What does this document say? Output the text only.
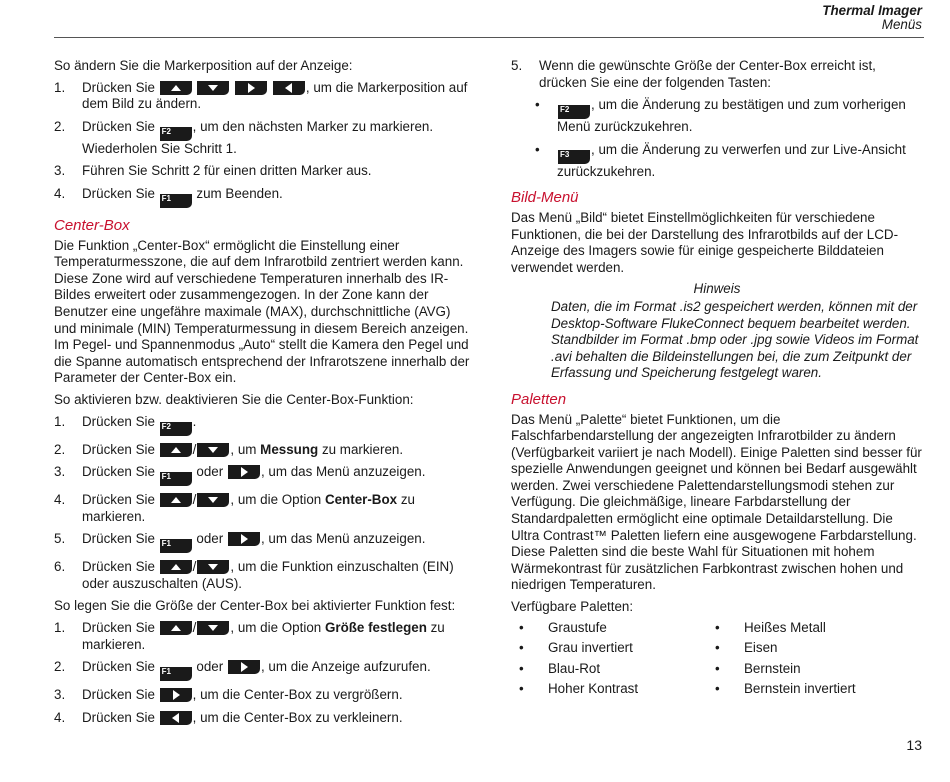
Thermal Imager
Menüs

So ändern Sie die Markerposition auf der Anzeige:

1.	Drücken Sie

	, um die Markerposition auf dem Bild zu ändern.
2.	Drücken Sie F2 , um den nächsten Marker zu markieren. Wiederholen Sie Schritt 1.
3.	Führen Sie Schritt 2 für einen dritten Marker aus.
4.	Drücken Sie F1 zum Beenden.
Center-Box

Die Funktion „Center-Box“ ermöglicht die Einstellung einer Temperaturmesszone, die auf dem Infrarotbild zentriert werden kann. Diese Zone wird auf verschiedene Temperaturen innerhalb des IR-Bildes erweitert oder zusammengezogen. In der Zone kann der Benutzer eine ungefähre maximale (MAX), durchschnittliche (AVG) und minimale (MIN) Temperaturmessung in diesem Bereich anzeigen. Im Pegel- und Spannenmodus „Auto“ stellt die Kamera den Pegel und die Spanne automatisch entsprechend der Infrarotszene innerhalb der Parameter der Center-Box ein.

So aktivieren bzw. deaktivieren Sie die Center-Box-Funktion:

1.	Drücken Sie F2 .
2.	Drücken Sie	/	, um Messung zu markieren.
3.	Drücken Sie F1 oder	, um das Menü anzuzeigen.
4.	Drücken Sie	/	, um die Option Center-Box zu markieren.
5.	Drücken Sie F1 oder	, um das Menü anzuzeigen.
6.	Drücken Sie	/	, um die Funktion einzuschalten (EIN) oder auszuschalten (AUS).

So legen Sie die Größe der Center-Box bei aktivierter Funktion fest:

1.	Drücken Sie	/	, um die Option Größe festlegen zu markieren.
2.	Drücken Sie F1 oder	, um die Anzeige aufzurufen.
3.	Drücken Sie	, um die Center-Box zu vergrößern.
4.	Drücken Sie	, um die Center-Box zu verkleinern.
5.	Wenn die gewünschte Größe der Center-Box erreicht ist, drücken Sie eine der folgenden Tasten:
•	F2 , um die Änderung zu bestätigen und zum vorherigen Menü zurückzukehren.
•	F3 , um die Änderung zu verwerfen und zur Live-Ansicht zurückzukehren.
Bild-Menü

Das Menü „Bild“ bietet Einstellmöglichkeiten für verschiedene Funktionen, die bei der Darstellung des Infrarotbilds auf der LCD-Anzeige des Imagers sowie für einige gespeicherte Bilddateien verwendet werden.

Hinweis

Daten, die im Format .is2 gespeichert werden, können mit der Desktop-Software FlukeConnect bequem bearbeitet werden. Standbilder im Format .bmp oder .jpg sowie Videos im Format .avi behalten die Bildeinstellungen bei, die zum Zeitpunkt der Erfassung und Speicherung festgelegt waren.

Paletten

Das Menü „Palette“ bietet Funktionen, um die Falschfarbendarstellung der angezeigten Infrarotbilder zu ändern (Verfügbarkeit variiert je nach Modell). Einige Paletten sind besser für spezielle Anwendungen geeignet und können bei Bedarf ausgewählt werden. Zwei verschiedene Palettendarstellungsmodi stehen zur Verfügung. Die gleichmäßige, lineare Farbdarstellung der Standardpaletten ermöglicht eine optimale Detaildarstellung. Die Ultra Contrast™ Paletten liefern eine ausgewogene Farbdarstellung. Diese Paletten sind die beste Wahl für Situationen mit hohem Wärmekontrast für zusätzlichen Farbkontrast zwischen hohen und niedrigen Temperaturen.

Verfügbare Paletten:

•	Graustufe	•	Heißes Metall
•	Grau invertiert	•	Eisen
•	Blau-Rot	•	Bernstein
•	Hoher Kontrast	•	Bernstein invertiert
13
